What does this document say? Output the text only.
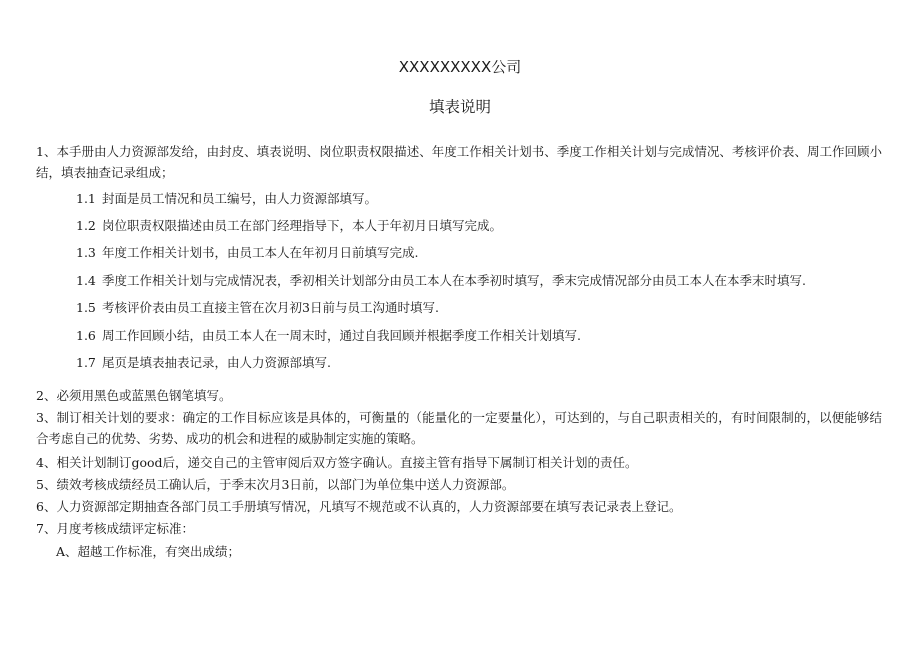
XXXXXXXXX公司
填表说明
1、本手册由人力资源部发给，由封皮、填表说明、岗位职责权限描述、年度工作相关计划书、季度工作相关计划与完成情况、考核评价表、周工作回顾小结，填表抽查记录组成；
1.1 封面是员工情况和员工编号，由人力资源部填写。
1.2 岗位职责权限描述由员工在部门经理指导下，本人于年初月日填写完成。
1.3 年度工作相关计划书，由员工本人在年初月日前填写完成.
1.4 季度工作相关计划与完成情况表，季初相关计划部分由员工本人在本季初时填写，季末完成情况部分由员工本人在本季末时填写.
1.5 考核评价表由员工直接主管在次月初3日前与员工沟通时填写.
1.6 周工作回顾小结，由员工本人在一周末时，通过自我回顾并根据季度工作相关计划填写.
1.7 尾页是填表抽表记录，由人力资源部填写.
2、必须用黑色或蓝黑色钢笔填写。
3、制订相关计划的要求：确定的工作目标应该是具体的，可衡量的（能量化的一定要量化），可达到的，与自己职责相关的，有时间限制的，以便能够结合考虑自己的优势、劣势、成功的机会和进程的威胁制定实施的策略。
4、相关计划制订good后，递交自己的主管审阅后双方签字确认。直接主管有指导下属制订相关计划的责任。
5、绩效考核成绩经员工确认后，于季末次月3日前，以部门为单位集中送人力资源部。
6、人力资源部定期抽查各部门员工手册填写情况，凡填写不规范或不认真的，人力资源部要在填写表记录表上登记。
7、月度考核成绩评定标准：
A、超越工作标准，有突出成绩；
